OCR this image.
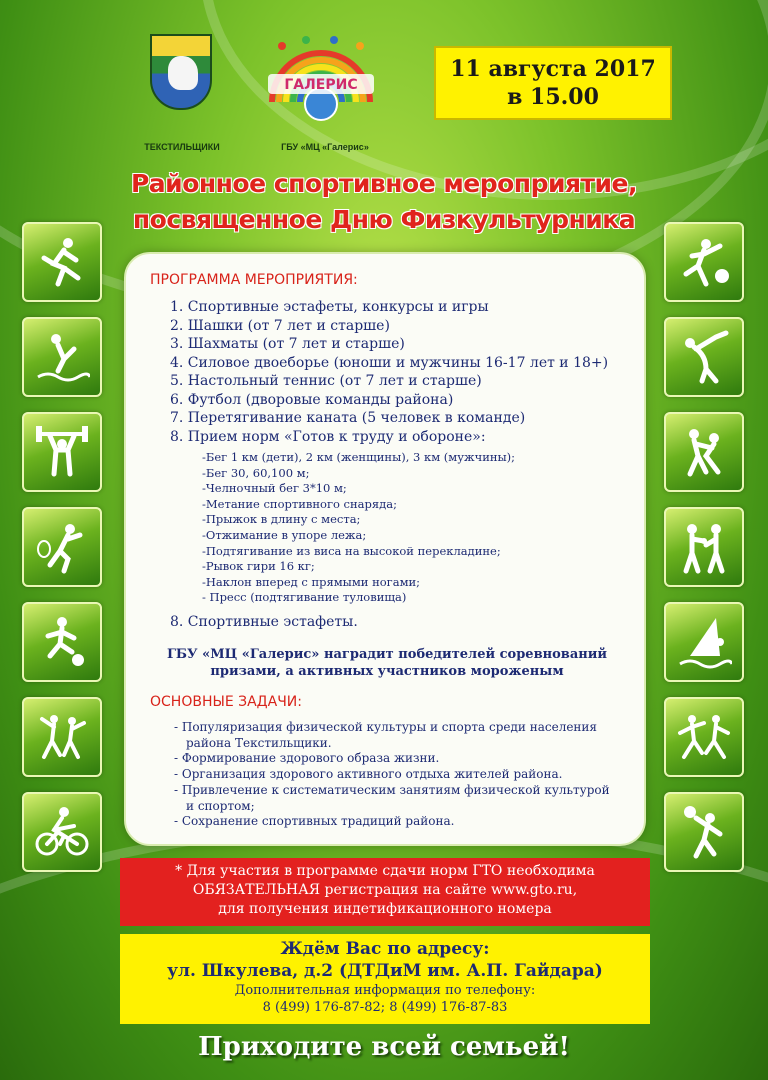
ТЕКСТИЛЬЩИКИ
ГАЛЕРИС
ГБУ «МЦ «Галерис»
11 августа 2017
в 15.00
Районное спортивное мероприятие,
посвященное Дню Физкультурника
ПРОГРАММА МЕРОПРИЯТИЯ:
1. Спортивные эстафеты, конкурсы и игры
2. Шашки (от 7 лет и старше)
3. Шахматы (от 7 лет и старше)
4. Силовое двоеборье (юноши и мужчины 16-17 лет и 18+)
5. Настольный теннис (от 7 лет и старше)
6. Футбол (дворовые команды района)
7. Перетягивание каната (5 человек в команде)
8. Прием норм «Готов к труду и обороне»:
-Бег 1 км (дети), 2 км (женщины), 3 км (мужчины);
-Бег 30, 60,100 м;
-Челночный бег 3*10 м;
-Метание спортивного снаряда;
-Прыжок в длину с места;
-Отжимание в упоре лежа;
-Подтягивание из виса на высокой перекладине;
-Рывок гири 16 кг;
-Наклон вперед с прямыми ногами;
- Пресс (подтягивание туловища)
8. Спортивные эстафеты.
ГБУ «МЦ «Галерис» наградит победителей соревнований
призами, а активных участников мороженым
ОСНОВНЫЕ ЗАДАЧИ:
- Популяризация физической культуры и спорта среди населения
района Текстильщики.
- Формирование здорового образа жизни.
- Организация здорового активного отдыха жителей района.
- Привлечение к систематическим занятиям физической культурой
и спортом;
- Сохранение спортивных традиций района.
* Для участия в программе сдачи норм ГТО необходима
ОБЯЗАТЕЛЬНАЯ регистрация на сайте www.gto.ru,
для получения индетификационного номера
Ждём Вас по адресу:
ул. Шкулева, д.2 (ДТДиМ им. А.П. Гайдара)
Дополнительная информация по телефону:
8 (499) 176-87-82; 8 (499) 176-87-83
Приходите всей семьей!
